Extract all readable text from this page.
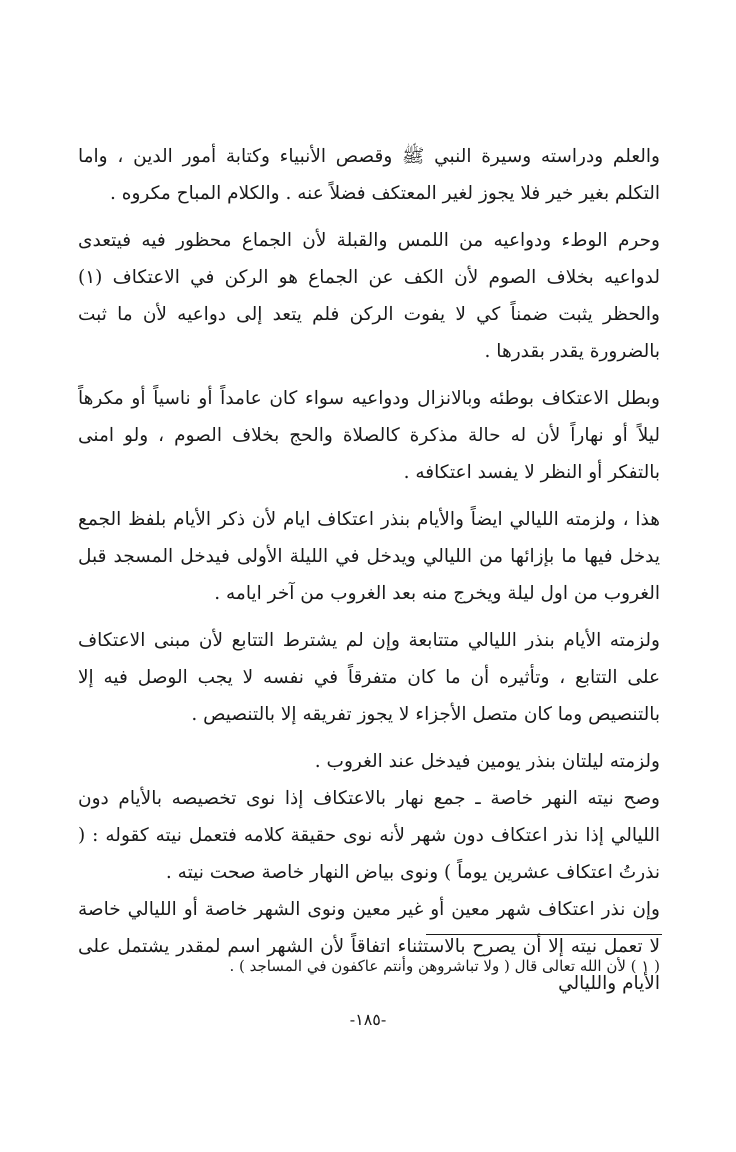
والعلم ودراسته وسيرة النبي ﷺ وقصص الأنبياء وكتابة أمور الدين ، واما التكلم بغير خير فلا يجوز لغير المعتكف فضلاً عنه . والكلام المباح مكروه .

وحرم الوطء ودواعيه من اللمس والقبلة لأن الجماع محظور فيه فيتعدى لدواعيه بخلاف الصوم لأن الكف عن الجماع هو الركن في الاعتكاف (١) والحظر يثبت ضمناً كي لا يفوت الركن فلم يتعد إلى دواعيه لأن ما ثبت بالضرورة يقدر بقدرها .

وبطل الاعتكاف بوطئه وبالانزال ودواعيه سواء كان عامداً أو ناسياً أو مكرهاً ليلاً أو نهاراً لأن له حالة مذكرة كالصلاة والحج بخلاف الصوم ، ولو امنى بالتفكر أو النظر لا يفسد اعتكافه .

هذا ، ولزمته الليالي ايضاً والأيام بنذر اعتكاف ايام لأن ذكر الأيام بلفظ الجمع يدخل فيها ما بإزائها من الليالي ويدخل في الليلة الأولى فيدخل المسجد قبل الغروب من اول ليلة ويخرج منه بعد الغروب من آخر ايامه .

ولزمته الأيام بنذر الليالي متتابعة وإن لم يشترط التتابع لأن مبنى الاعتكاف على التتابع ، وتأثيره أن ما كان متفرقاً في نفسه لا يجب الوصل فيه إلا بالتنصيص وما كان متصل الأجزاء لا يجوز تفريقه إلا بالتنصيص .

ولزمته ليلتان بنذر يومين فيدخل عند الغروب .

وصح نيته النهر خاصة ـ جمع نهار بالاعتكاف إذا نوى تخصيصه بالأيام دون الليالي إذا نذر اعتكاف دون شهر لأنه نوى حقيقة كلامه فتعمل نيته كقوله : ( نذرتُ اعتكاف عشرين يوماً ) ونوى بياض النهار خاصة صحت نيته .

وإن نذر اعتكاف شهر معين أو غير معين ونوى الشهر خاصة أو الليالي خاصة لا تعمل نيته إلا أن يصرح بالاستثناء اتفاقاً لأن الشهر اسم لمقدر يشتمل على الأيام والليالي

( ١ ) لأن الله تعالى قال ( ولا تباشروهن وأنتم عاكفون في المساجد ) .
-١٨٥-
